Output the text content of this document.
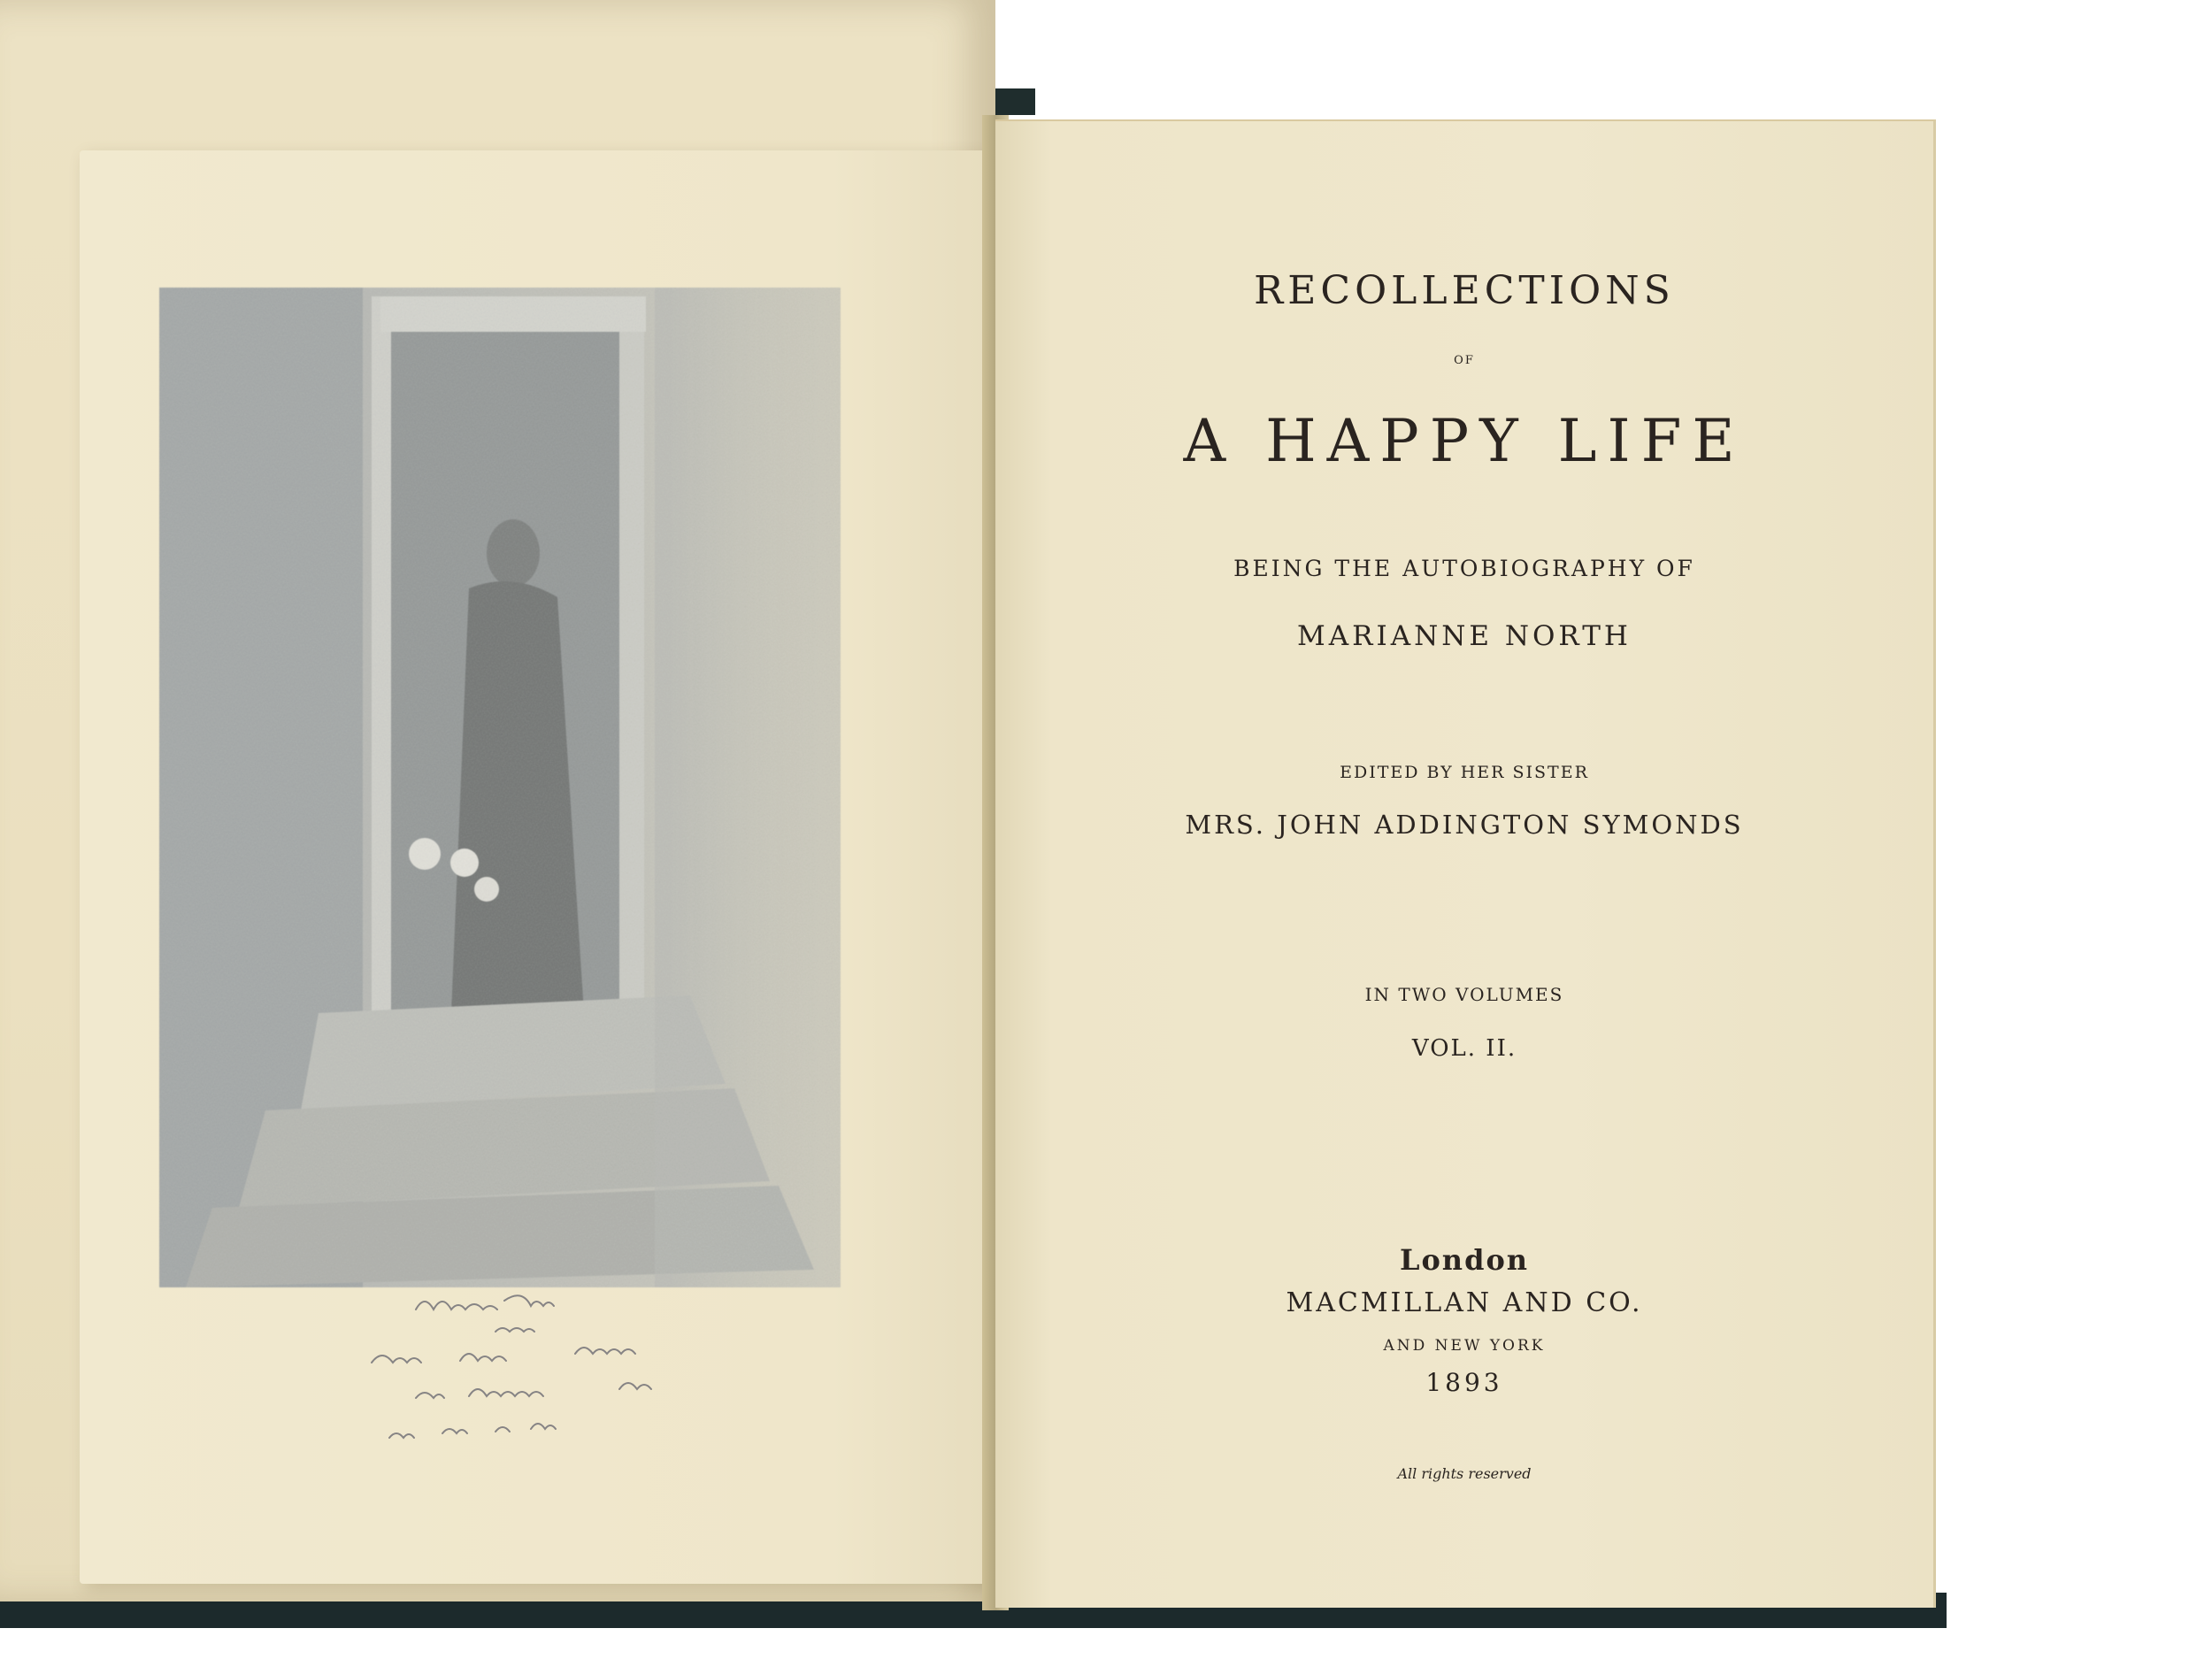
RECOLLECTIONS
OF
A HAPPY LIFE
BEING THE AUTOBIOGRAPHY OF
MARIANNE NORTH
EDITED BY HER SISTER
MRS. JOHN ADDINGTON SYMONDS
IN TWO VOLUMES
VOL. II.
London
MACMILLAN AND CO.
AND NEW YORK
1893
All rights reserved
